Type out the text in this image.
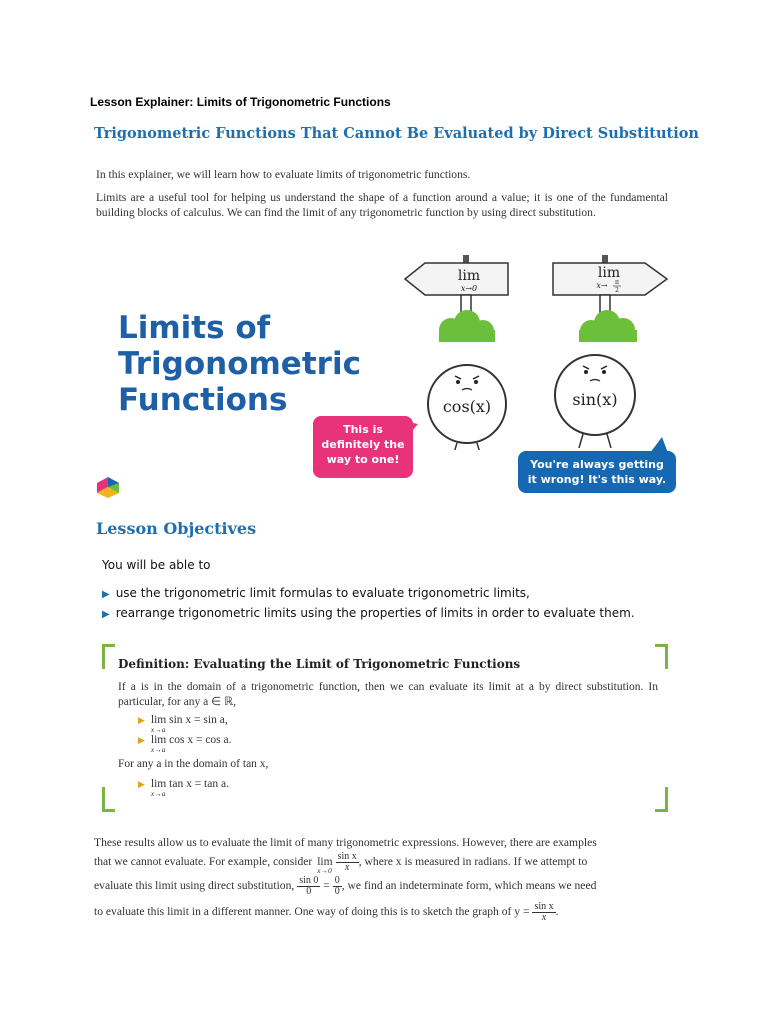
Lesson Explainer: Limits of Trigonometric Functions
Trigonometric Functions That Cannot Be Evaluated by Direct Substitution
In this explainer, we will learn how to evaluate limits of trigonometric functions.
Limits are a useful tool for helping us understand the shape of a function around a value; it is one of the fundamental building blocks of calculus. We can find the limit of any trigonometric function by using direct substitution.
Limits of
Trigonometric
Functions
lim
x→0
lim
x→ π
2
cos(x)	sin(x)
This is
definitely the
way to one!	You're always getting
it wrong! It's this way.
Lesson Objectives
You will be able to
▶ use the trigonometric limit formulas to evaluate trigonometric limits,
▶ rearrange trigonometric limits using the properties of limits in order to evaluate them.
Definition: Evaluating the Limit of Trigonometric Functions
If a is in the domain of a trigonometric function, then we can evaluate its limit at a by direct substitution. In particular, for any a ∈ ℝ,
▶ lim
x→a
sin x = sin a,
▶ lim
x→a
cos x = cos a.
For any a in the domain of tan x,
▶ lim
x→a
tan x = tan a.
These results allow us to evaluate the limit of many trigonometric expressions. However, there are examples
that we cannot evaluate. For example, consider lim
x→0
$\frac{\text{sin x}}{x}$ , where x is measured in radians. If we attempt to
evaluate this limit using direct substitution, $\frac{\sin 0}{0} = \frac{0}{0}$ , we find an indeterminate form, which means we need
to evaluate this limit in a different manner. One way of doing this is to sketch the graph of $y = \frac{\text{sin x}}{x}$ .
